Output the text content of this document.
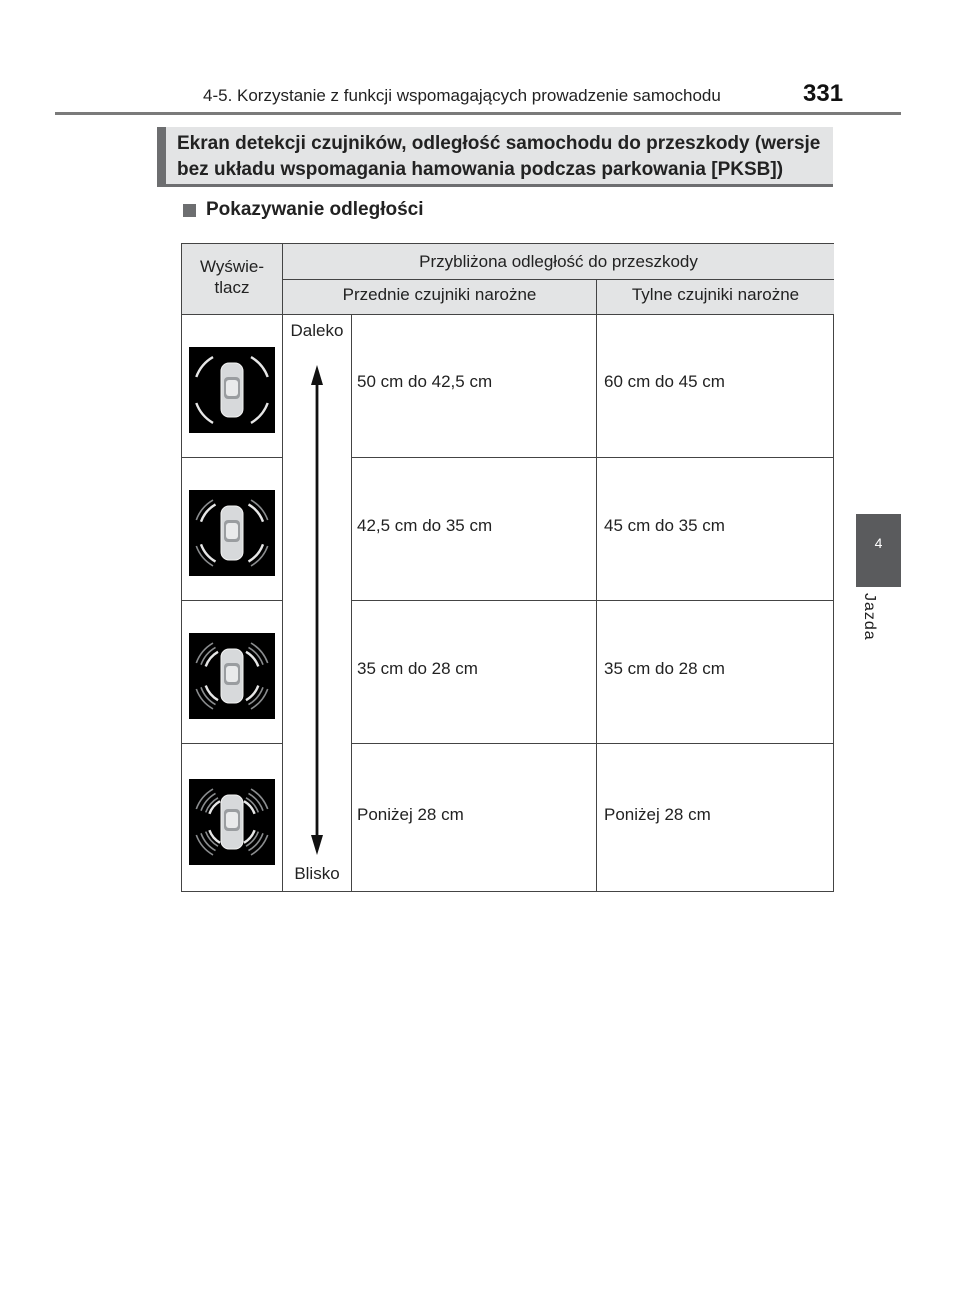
4-5. Korzystanie z funkcji wspomagających prowadzenie samochodu	331
Ekran detekcji czujników, odległość samochodu do przeszkody (wersje
bez układu wspomagania hamowania podczas parkowania [PKSB])
Pokazywanie odległości
4
Jazda
Wyświe-
tlacz
Przybliżona odległość do przeszkody
Przednie czujniki narożne	Tylne czujniki narożne
Daleko
Blisko
50 cm do 42,5 cm	60 cm do 45 cm
42,5 cm do 35 cm	45 cm do 35 cm
35 cm do 28 cm	35 cm do 28 cm
Poniżej 28 cm	Poniżej 28 cm
